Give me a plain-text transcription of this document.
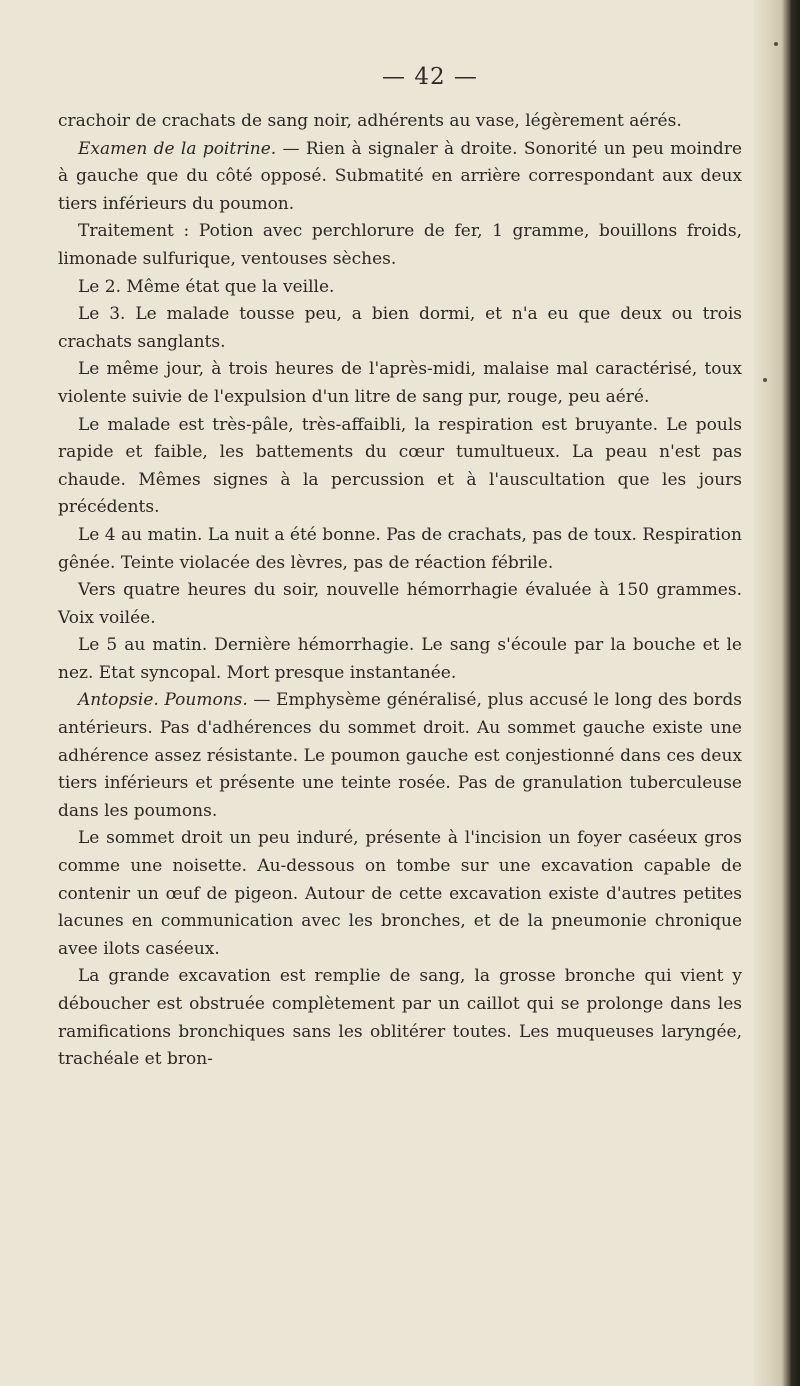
— 42 —

crachoir de crachats de sang noir, adhérents au vase, légèrement aérés.

Examen de la poitrine. — Rien à signaler à droite. Sonorité un peu moindre à gauche que du côté opposé. Submatité en arrière correspondant aux deux tiers inférieurs du poumon.

Traitement : Potion avec perchlorure de fer, 1 gramme, bouillons froids, limonade sulfurique, ventouses sèches.

Le 2. Même état que la veille.

Le 3. Le malade tousse peu, a bien dormi, et n'a eu que deux ou trois crachats sanglants.

Le même jour, à trois heures de l'après-midi, malaise mal caractérisé, toux violente suivie de l'expulsion d'un litre de sang pur, rouge, peu aéré.

Le malade est très-pâle, très-affaibli, la respiration est bruyante. Le pouls rapide et faible, les battements du cœur tumultueux. La peau n'est pas chaude. Mêmes signes à la percussion et à l'auscultation que les jours précédents.

Le 4 au matin. La nuit a été bonne. Pas de crachats, pas de toux. Respiration gênée. Teinte violacée des lèvres, pas de réaction fébrile.

Vers quatre heures du soir, nouvelle hémorrhagie évaluée à 150 grammes. Voix voilée.

Le 5 au matin. Dernière hémorrhagie. Le sang s'écoule par la bouche et le nez. Etat syncopal. Mort presque instantanée.

Antopsie. Poumons. — Emphysème généralisé, plus accusé le long des bords antérieurs. Pas d'adhérences du sommet droit. Au sommet gauche existe une adhérence assez résistante. Le poumon gauche est conjestionné dans ces deux tiers inférieurs et présente une teinte rosée. Pas de granulation tuberculeuse dans les poumons.

Le sommet droit un peu induré, présente à l'incision un foyer caséeux gros comme une noisette. Au-dessous on tombe sur une excavation capable de contenir un œuf de pigeon. Autour de cette excavation existe d'autres petites lacunes en communication avec les bronches, et de la pneumonie chronique avee ilots caséeux.

La grande excavation est remplie de sang, la grosse bronche qui vient y déboucher est obstruée complètement par un caillot qui se prolonge dans les ramifications bronchiques sans les oblitérer toutes. Les muqueuses laryngée, trachéale et bron-
